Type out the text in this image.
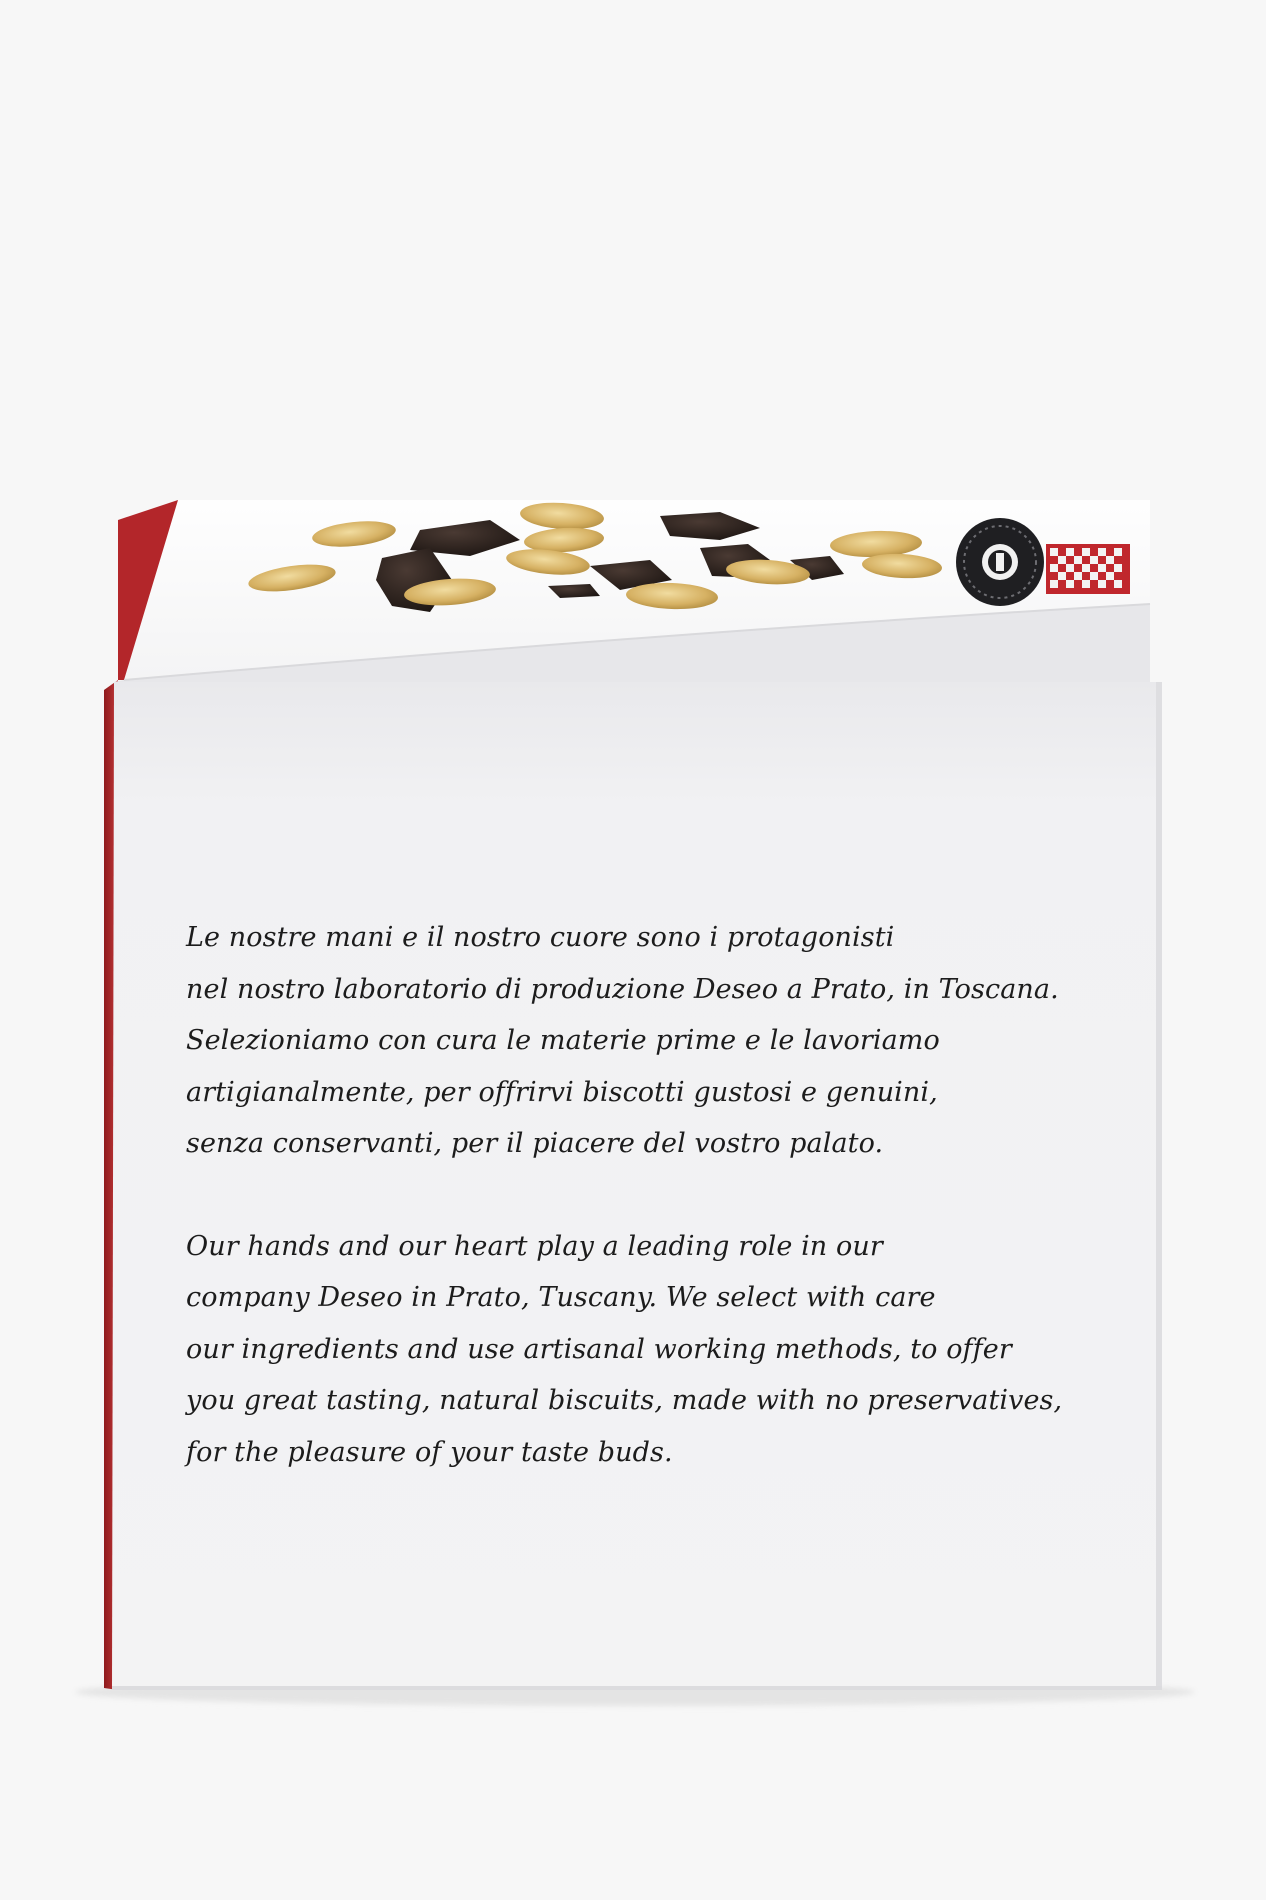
Le nostre mani e il nostro cuore sono i protagonisti
nel nostro laboratorio di produzione Deseo a Prato, in Toscana.
Selezioniamo con cura le materie prime e le lavoriamo
artigianalmente, per offrirvi biscotti gustosi e genuini,
senza conservanti, per il piacere del vostro palato.

Our hands and our heart play a leading role in our
company Deseo in Prato, Tuscany. We select with care
our ingredients and use artisanal working methods, to offer
you great tasting, natural biscuits, made with no preservatives,
for the pleasure of your taste buds.
